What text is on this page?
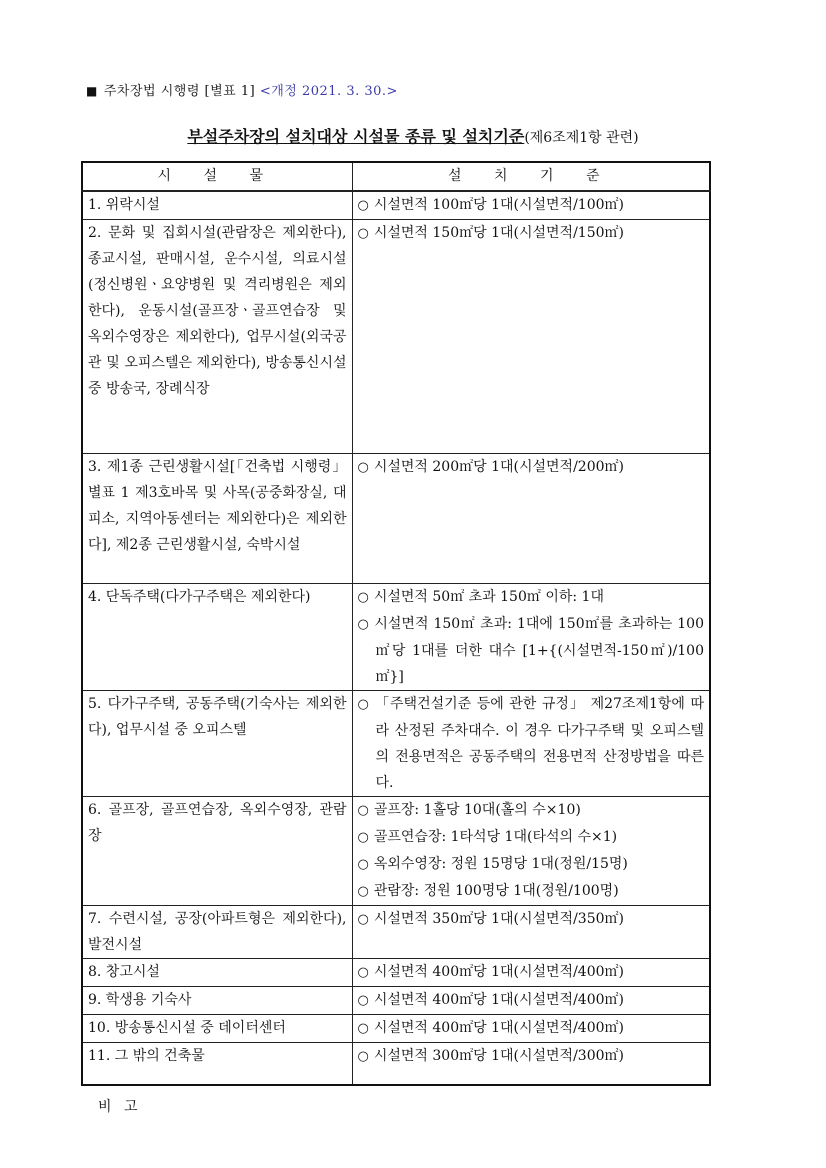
■ 주차장법 시행령 [별표 1] <개정 2021. 3. 30.>
부설주차장의 설치대상 시설물 종류 및 설치기준(제6조제1항 관련)
시 설 물	설 치 기 준
1. 위락시설	○ 시설면적 100㎡당 1대(시설면적/100㎡)

2. 문화 및 집회시설(관람장은 제외한다), 종교시설, 판매시설, 운수시설, 의료시설(정신병원ㆍ요양병원 및 격리병원은 제외한다), 운동시설(골프장ㆍ골프연습장 및 옥외수영장은 제외한다), 업무시설(외국공관 및 오피스텔은 제외한다), 방송통신시설 중 방송국, 장례식장	○ 시설면적 150㎡당 1대(시설면적/150㎡)

3. 제1종 근린생활시설[「건축법 시행령」 별표 1 제3호바목 및 사목(공중화장실, 대피소, 지역아동센터는 제외한다)은 제외한다], 제2종 근린생활시설, 숙박시설	○ 시설면적 200㎡당 1대(시설면적/200㎡)

4. 단독주택(다가구주택은 제외한다)	○ 시설면적 50㎡ 초과 150㎡ 이하: 1대
○ 시설면적 150㎡ 초과: 1대에 150㎡를 초과하는 100㎡당 1대를 더한 대수 [1+{(시설면적-150㎡)/100㎡}]

5. 다가구주택, 공동주택(기숙사는 제외한다), 업무시설 중 오피스텔	○ 「주택건설기준 등에 관한 규정」 제27조제1항에 따라 산정된 주차대수. 이 경우 다가구주택 및 오피스텔의 전용면적은 공동주택의 전용면적 산정방법을 따른다.

6. 골프장, 골프연습장, 옥외수영장, 관람장	○ 골프장: 1홀당 10대(홀의 수×10)
○ 골프연습장: 1타석당 1대(타석의 수×1)
○ 옥외수영장: 정원 15명당 1대(정원/15명)
○ 관람장: 정원 100명당 1대(정원/100명)

7. 수련시설, 공장(아파트형은 제외한다), 발전시설	○ 시설면적 350㎡당 1대(시설면적/350㎡)

8. 창고시설	○ 시설면적 400㎡당 1대(시설면적/400㎡)

9. 학생용 기숙사	○ 시설면적 400㎡당 1대(시설면적/400㎡)

10. 방송통신시설 중 데이터센터	○ 시설면적 400㎡당 1대(시설면적/400㎡)

11. 그 밖의 건축물	○ 시설면적 300㎡당 1대(시설면적/300㎡)
비 고
